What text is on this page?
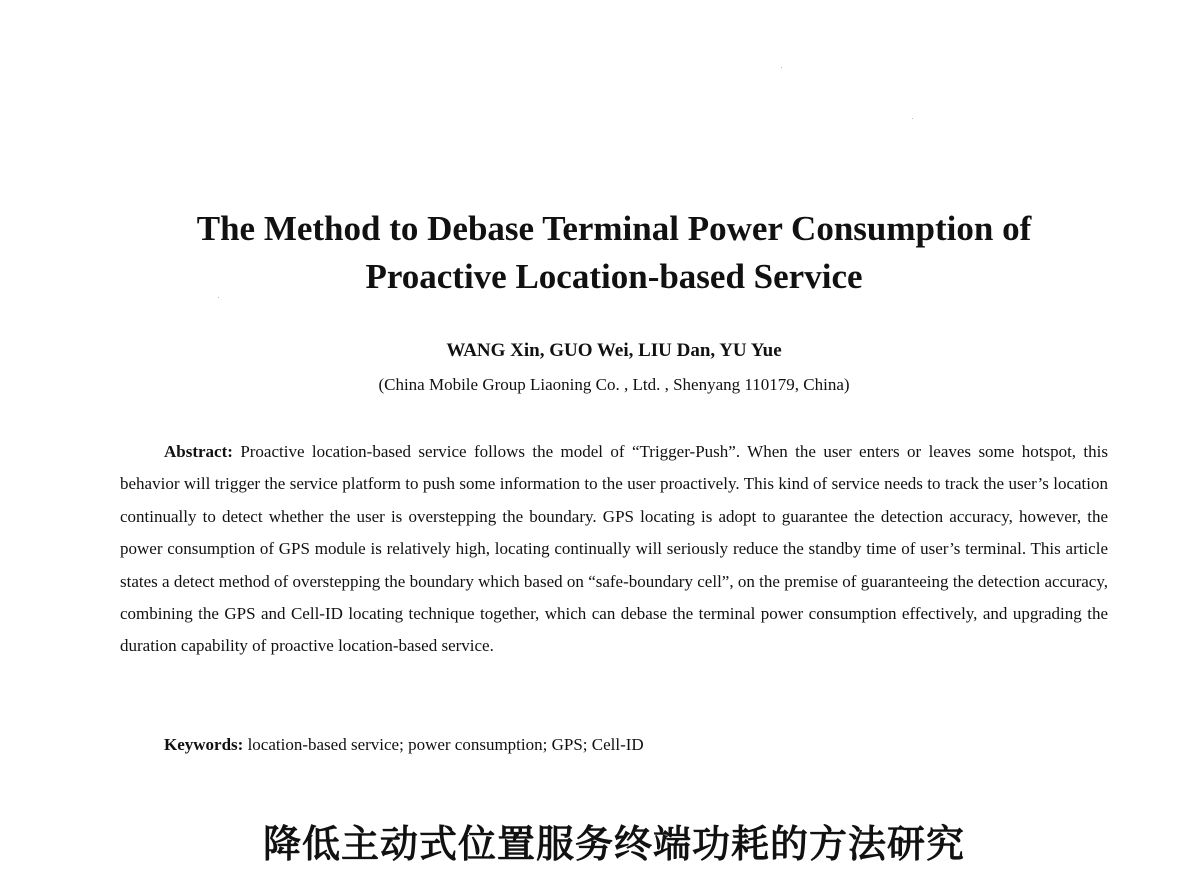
The Method to Debase Terminal Power Consumption of
Proactive Location-based Service
WANG Xin, GUO Wei, LIU Dan, YU Yue
(China Mobile Group Liaoning Co. , Ltd. , Shenyang 110179, China)

Abstract: Proactive location-based service follows the model of “Trigger-Push”. When the user enters or leaves some hotspot, this behavior will trigger the service platform to push some information to the user proactively. This kind of service needs to track the user’s location continually to detect whether the user is overstepping the boundary. GPS locating is adopt to guarantee the detection accuracy, however, the power consumption of GPS module is relatively high, locating continually will seriously reduce the standby time of user’s terminal. This article states a detect method of overstepping the boundary which based on “safe-boundary cell”, on the premise of guaranteeing the detection accuracy, combining the GPS and Cell-ID locating technique together, which can debase the terminal power consumption effectively, and upgrading the duration capability of proactive location-based service.

Keywords: location-based service; power consumption; GPS; Cell-ID

降低主动式位置服务终端功耗的方法研究
